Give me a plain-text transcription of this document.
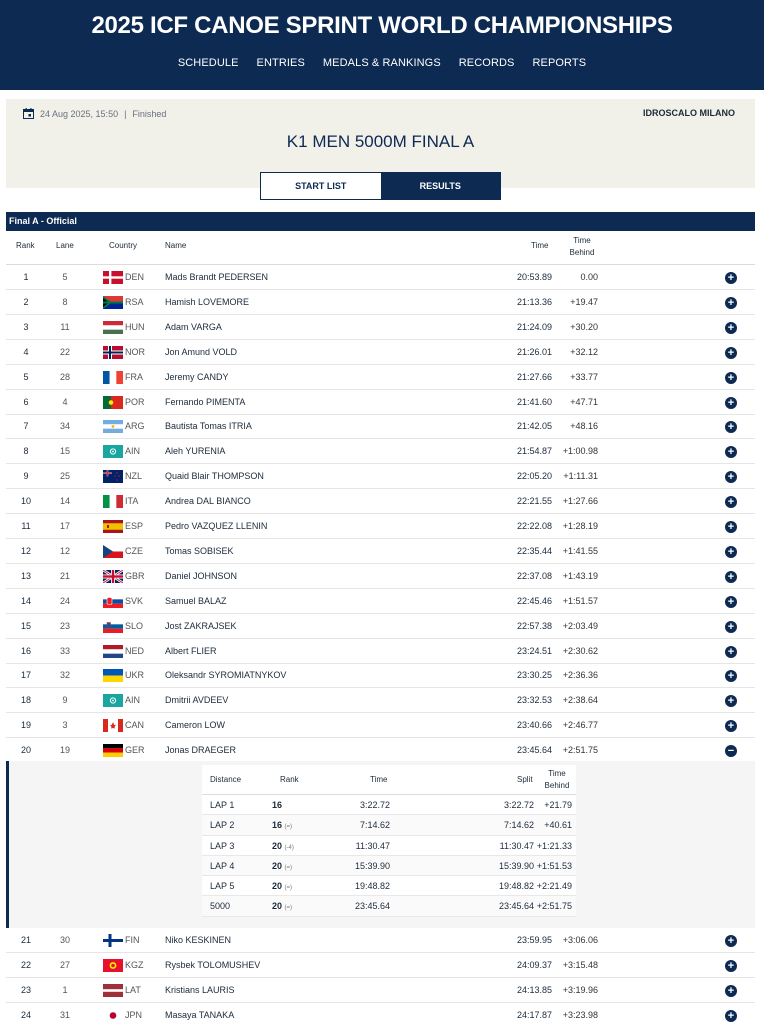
2025 ICF CANOE SPRINT WORLD CHAMPIONSHIPS
SCHEDULE ENTRIES MEDALS & RANKINGS RECORDS REPORTS
24 Aug 2025, 15:50 | Finished	IDROSCALO MILANO
K1 MEN 5000M FINAL A
START LIST	RESULTS
Final A - Official
Rank	Lane	Country	Name	Time
Time Behind
1	5	DEN Mads Brandt PEDERSEN	20:53.89	0.00	+
2	8	RSA Hamish LOVEMORE	21:13.36	+19.47	+
3	11	HUN Adam VARGA	21:24.09	+30.20	+
4	22	NOR Jon Amund VOLD	21:26.01	+32.12	+
5	28	FRA Jeremy CANDY	21:27.66	+33.77	+
6	4	POR Fernando PIMENTA	21:41.60	+47.71	+
7	34	ARG Bautista Tomas ITRIA	21:42.05	+48.16	+
8	15	AIN	Aleh YURENIA	21:54.87	+1:00.98	+
9	25	NZL	Quaid Blair THOMPSON	22:05.20	+1:11.31	+
10	14	ITA	Andrea DAL BIANCO	22:21.55	+1:27.66	+
11	17	ESP Pedro VAZQUEZ LLENIN	22:22.08	+1:28.19	+
12	12	CZE Tomas SOBISEK	22:35.44	+1:41.55	+
13	21	GBR Daniel JOHNSON	22:37.08	+1:43.19	+
14	24	SVK Samuel BALAZ	22:45.46	+1:51.57	+
15	23	SLO Jost ZAKRAJSEK	22:57.38	+2:03.49	+
16	33	NED Albert FLIER	23:24.51	+2:30.62	+
17	32	UKR Oleksandr SYROMIATNYKOV	23:30.25	+2:36.36	+
18	9	AIN	Dmitrii AVDEEV	23:32.53	+2:38.64	+
19	3	CAN Cameron LOW	23:40.66	+2:46.77	+
20	19	GER Jonas DRAEGER	23:45.64	+2:51.75	−
21	30	FIN	Niko KESKINEN	23:59.95	+3:06.06	+
22	27	KGZ Rysbek TOLOMUSHEV	24:09.37	+3:15.48	+
23	1	LAT	Kristians LAURIS	24:13.85	+3:19.96	+
24	31	JPN	Masaya TANAKA	24:17.87	+3:23.98	+
Distance	Rank	Time	Split
Time Behind
LAP 1	16	3:22.72	3:22.72	+21.79
LAP 2	16 (=)	7:14.62	7:14.62	+40.61
LAP 3	20 (-4)	11:30.47	11:30.47 +1:21.33
LAP 4	20 (=)	15:39.90	15:39.90 +1:51.53
LAP 5	20 (=)	19:48.82	19:48.82 +2:21.49
5000	20 (=)	23:45.64	23:45.64 +2:51.75
